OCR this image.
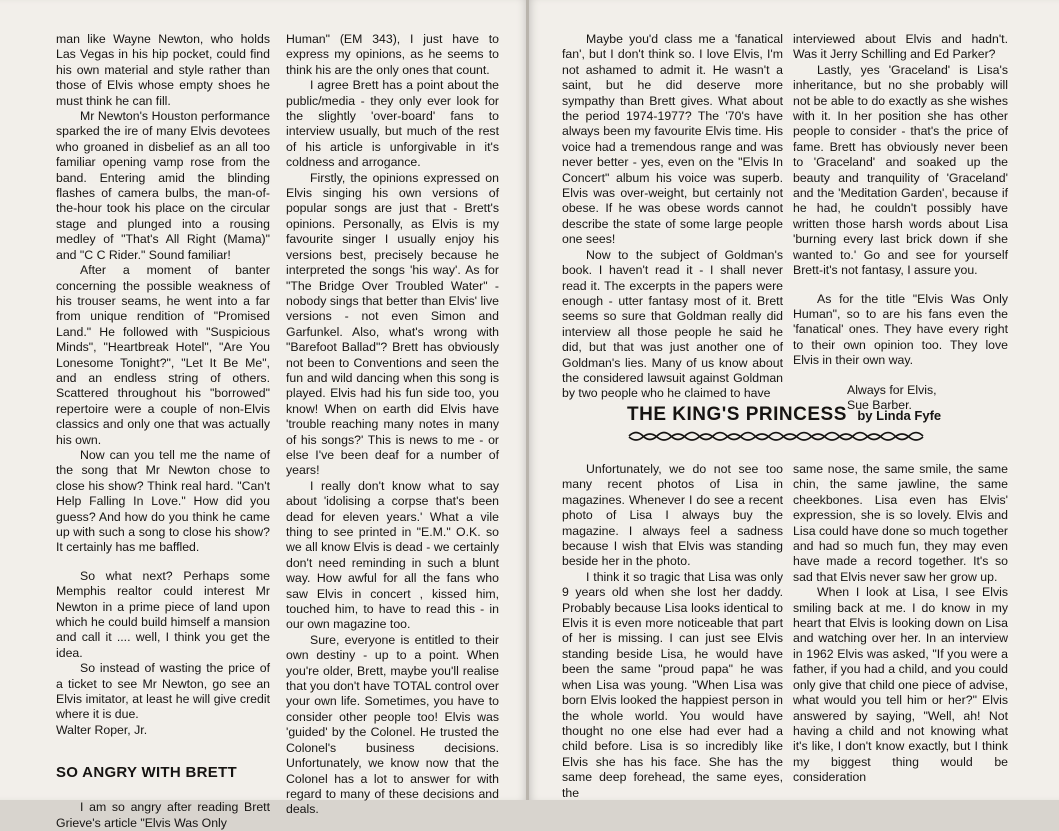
man like Wayne Newton, who holds Las Vegas in his hip pocket, could find his own material and style rather than those of Elvis whose empty shoes he must think he can fill.

Mr Newton's Houston performance sparked the ire of many Elvis devotees who groaned in disbelief as an all too familiar opening vamp rose from the band. Entering amid the blinding flashes of camera bulbs, the man-of-the-hour took his place on the circular stage and plunged into a rousing medley of "That's All Right (Mama)" and "C C Rider." Sound familiar!

After a moment of banter concerning the possible weakness of his trouser seams, he went into a far from unique rendition of "Promised Land." He followed with "Suspicious Minds", "Heartbreak Hotel", "Are You Lonesome Tonight?", "Let It Be Me", and an endless string of others. Scattered throughout his "borrowed" repertoire were a couple of non-Elvis classics and only one that was actually his own.

Now can you tell me the name of the song that Mr Newton chose to close his show? Think real hard. "Can't Help Falling In Love." How did you guess? And how do you think he came up with such a song to close his show? It certainly has me baffled.

So what next? Perhaps some Memphis realtor could interest Mr Newton in a prime piece of land upon which he could build himself a mansion and call it .... well, I think you get the idea.

So instead of wasting the price of a ticket to see Mr Newton, go see an Elvis imitator, at least he will give credit where it is due.

Walter Roper, Jr.

SO ANGRY WITH BRETT

I am so angry after reading Brett Grieve's article "Elvis Was Only

Human" (EM 343), I just have to express my opinions, as he seems to think his are the only ones that count.

I agree Brett has a point about the public/media - they only ever look for the slightly 'over-board' fans to interview usually, but much of the rest of his article is unforgivable in it's coldness and arrogance.

Firstly, the opinions expressed on Elvis singing his own versions of popular songs are just that - Brett's opinions. Personally, as Elvis is my favourite singer I usually enjoy his versions best, precisely because he interpreted the songs 'his way'. As for "The Bridge Over Troubled Water" - nobody sings that better than Elvis' live versions - not even Simon and Garfunkel. Also, what's wrong with "Barefoot Ballad"? Brett has obviously not been to Conventions and seen the fun and wild dancing when this song is played. Elvis had his fun side too, you know! When on earth did Elvis have 'trouble reaching many notes in many of his songs?' This is news to me - or else I've been deaf for a number of years!

I really don't know what to say about 'idolising a corpse that's been dead for eleven years.' What a vile thing to see printed in "E.M." O.K. so we all know Elvis is dead - we certainly don't need reminding in such a blunt way. How awful for all the fans who saw Elvis in concert , kissed him, touched him, to have to read this - in our own magazine too.

Sure, everyone is entitled to their own destiny - up to a point. When you're older, Brett, maybe you'll realise that you don't have TOTAL control over your own life. Sometimes, you have to consider other people too! Elvis was 'guided' by the Colonel. He trusted the Colonel's business decisions. Unfortunately, we know now that the Colonel has a lot to answer for with regard to many of these decisions and deals.

Maybe you'd class me a 'fanatical fan', but I don't think so. I love Elvis, I'm not ashamed to admit it. He wasn't a saint, but he did deserve more sympathy than Brett gives. What about the period 1974-1977? The '70's have always been my favourite Elvis time. His voice had a tremendous range and was never better - yes, even on the "Elvis In Concert" album his voice was superb. Elvis was over-weight, but certainly not obese. If he was obese words cannot describe the state of some large people one sees!

Now to the subject of Goldman's book. I haven't read it - I shall never read it. The excerpts in the papers were enough - utter fantasy most of it. Brett seems so sure that Goldman really did interview all those people he said he did, but that was just another one of Goldman's lies. Many of us know about the considered lawsuit against Goldman by two people who he claimed to have

interviewed about Elvis and hadn't. Was it Jerry Schilling and Ed Parker?

Lastly, yes 'Graceland' is Lisa's inheritance, but no she probably will not be able to do exactly as she wishes with it. In her position she has other people to consider - that's the price of fame. Brett has obviously never been to 'Graceland' and soaked up the beauty and tranquility of 'Graceland' and the 'Meditation Garden', because if he had, he couldn't possibly have written those harsh words about Lisa 'burning every last brick down if she wanted to.' Go and see for yourself Brett-it's not fantasy, I assure you.

As for the title "Elvis Was Only Human", so to are his fans even the 'fanatical' ones. They have every right to their own opinion too. They love Elvis in their own way.

Always for Elvis,

Sue Barber.

THE KING'S PRINCESS by Linda Fyfe

Unfortunately, we do not see too many recent photos of Lisa in magazines. Whenever I do see a recent photo of Lisa I always buy the magazine. I always feel a sadness because I wish that Elvis was standing beside her in the photo.

I think it so tragic that Lisa was only 9 years old when she lost her daddy. Probably because Lisa looks identical to Elvis it is even more noticeable that part of her is missing. I can just see Elvis standing beside Lisa, he would have been the same "proud papa" he was when Lisa was young. "When Lisa was born Elvis looked the happiest person in the whole world. You would have thought no one else had ever had a child before. Lisa is so incredibly like Elvis she has his face. She has the same deep forehead, the same eyes, the

same nose, the same smile, the same chin, the same jawline, the same cheekbones. Lisa even has Elvis' expression, she is so lovely. Elvis and Lisa could have done so much together and had so much fun, they may even have made a record together. It's so sad that Elvis never saw her grow up.

When I look at Lisa, I see Elvis smiling back at me. I do know in my heart that Elvis is looking down on Lisa and watching over her. In an interview in 1962 Elvis was asked, "If you were a father, if you had a child, and you could only give that child one piece of advise, what would you tell him or her?" Elvis answered by saying, "Well, ah! Not having a child and not knowing what it's like, I don't know exactly, but I think my biggest thing would be consideration
